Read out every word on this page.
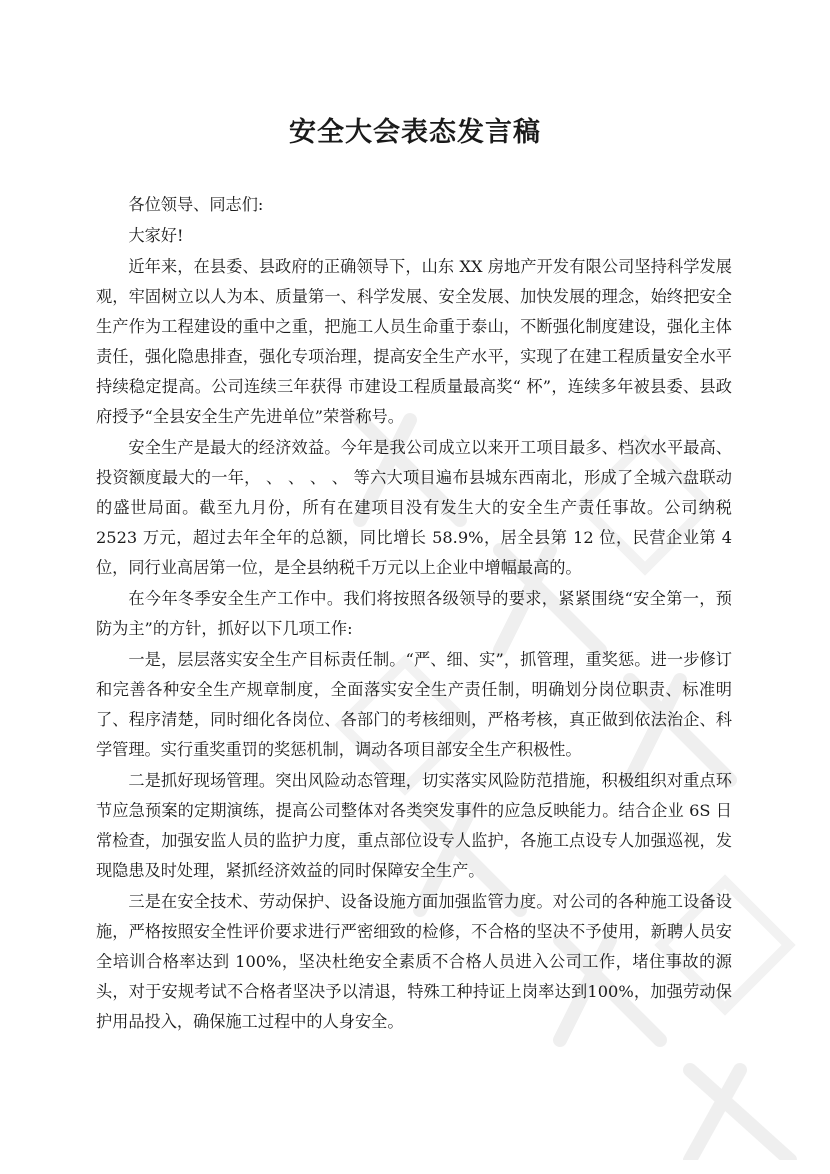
安全大会表态发言稿

各位领导、同志们:

大家好!

近年来，在县委、县政府的正确领导下，山东 XX 房地产开发有限公司坚持科学发展观，牢固树立以人为本、质量第一、科学发展、安全发展、加快发展的理念，始终把安全生产作为工程建设的重中之重，把施工人员生命重于泰山，不断强化制度建设，强化主体责任，强化隐患排查，强化专项治理，提高安全生产水平，实现了在建工程质量安全水平持续稳定提高。公司连续三年获得 市建设工程质量最高奖“ 杯”，连续多年被县委、县政府授予“全县安全生产先进单位”荣誉称号。

安全生产是最大的经济效益。今年是我公司成立以来开工项目最多、档次水平最高、投资额度最大的一年， 、 、 、 、 等六大项目遍布县城东西南北，形成了全城六盘联动的盛世局面。截至九月份，所有在建项目没有发生大的安全生产责任事故。公司纳税 2523 万元，超过去年全年的总额，同比增长 58.9%，居全县第 12 位，民营企业第 4 位，同行业高居第一位，是全县纳税千万元以上企业中增幅最高的。

在今年冬季安全生产工作中。我们将按照各级领导的要求，紧紧围绕“安全第一，预防为主”的方针，抓好以下几项工作:

一是，层层落实安全生产目标责任制。“严、细、实”，抓管理，重奖惩。进一步修订和完善各种安全生产规章制度，全面落实安全生产责任制，明确划分岗位职责、标准明了、程序清楚，同时细化各岗位、各部门的考核细则，严格考核，真正做到依法治企、科学管理。实行重奖重罚的奖惩机制，调动各项目部安全生产积极性。

二是抓好现场管理。突出风险动态管理，切实落实风险防范措施，积极组织对重点环节应急预案的定期演练，提高公司整体对各类突发事件的应急反映能力。结合企业 6S 日常检查，加强安监人员的监护力度，重点部位设专人监护，各施工点设专人加强巡视，发现隐患及时处理，紧抓经济效益的同时保障安全生产。

三是在安全技术、劳动保护、设备设施方面加强监管力度。对公司的各种施工设备设施，严格按照安全性评价要求进行严密细致的检修，不合格的坚决不予使用，新聘人员安全培训合格率达到 100%，坚决杜绝安全素质不合格人员进入公司工作，堵住事故的源头，对于安规考试不合格者坚决予以清退，特殊工种持证上岗率达到100%，加强劳动保护用品投入，确保施工过程中的人身安全。
